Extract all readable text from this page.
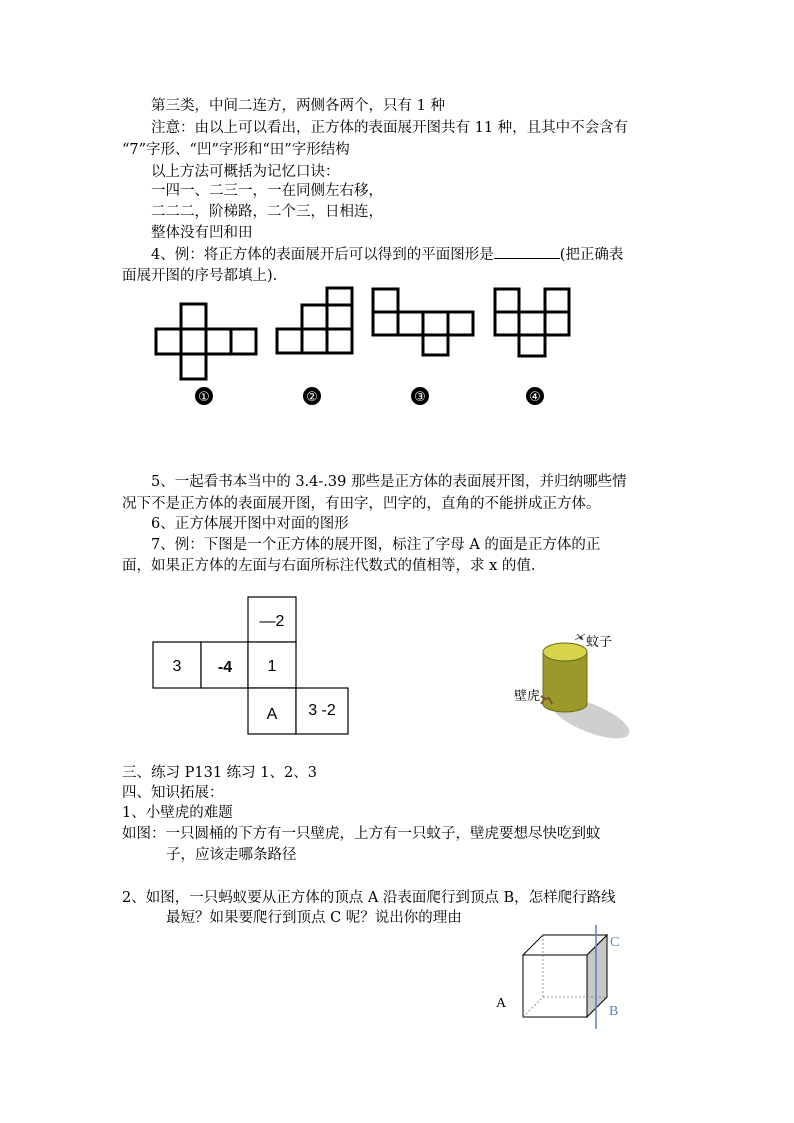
第三类，中间二连方，两侧各两个，只有 1 种
注意：由以上可以看出，正方体的表面展开图共有 11 种，且其中不会含有
“7”字形、“凹”字形和“田”字形结构
以上方法可概括为记忆口诀：
一四一、二三一，一在同侧左右移，
二二二，阶梯路，二个三，日相连，
整体没有凹和田
4、例：将正方体的表面展开后可以得到的平面图形是	(把正确表
面展开图的序号都填上).
①	②	③	④
5、一起看书本当中的 3.4-.39 那些是正方体的表面展开图，并归纳哪些情
况下不是正方体的表面展开图，有田字，凹字的，直角的不能拼成正方体。
6、正方体展开图中对面的图形
7、例：下图是一个正方体的展开图，标注了字母 A 的面是正方体的正
面，如果正方体的左面与右面所标注代数式的值相等，求 x 的值.
—2
3 -4 1
A 3 -2
蚊子
壁虎
三、练习 P131 练习 1、2、3
四、知识拓展：
1、小壁虎的难题
如图：一只圆桶的下方有一只壁虎，上方有一只蚊子，壁虎要想尽快吃到蚊
子，应该走哪条路径
2、如图，一只蚂蚁要从正方体的顶点 A 沿表面爬行到顶点 B，怎样爬行路线
最短？如果要爬行到顶点 C 呢？说出你的理由
A
C
B
